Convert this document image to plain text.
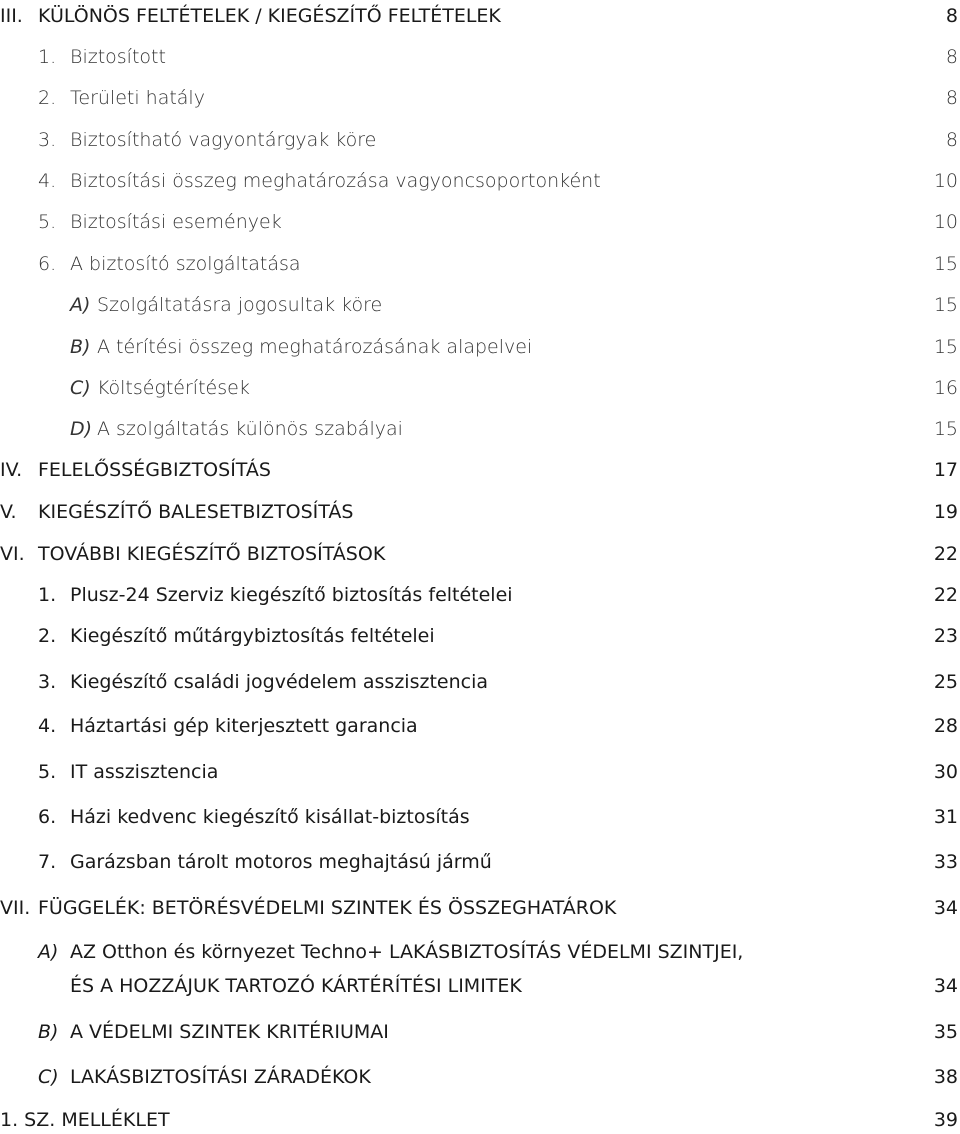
III. KÜLÖNÖS FELTÉTELEK / KIEGÉSZÍTŐ FELTÉTELEK	8
1. Biztosított	8
2. Területi hatály	8
3. Biztosítható vagyontárgyak köre	8
4. Biztosítási összeg meghatározása vagyoncsoportonként	10
5. Biztosítási események	10
6. A biztosító szolgáltatása	15
A) Szolgáltatásra jogosultak köre	15
B) A térítési összeg meghatározásának alapelvei	15
C) Költségtérítések	16
D) A szolgáltatás különös szabályai	15
IV. FELELŐSSÉGBIZTOSÍTÁS	17
V. KIEGÉSZÍTŐ BALESETBIZTOSÍTÁS	19
VI. TOVÁBBI KIEGÉSZÍTŐ BIZTOSÍTÁSOK	22
1. Plusz-24 Szerviz kiegészítő biztosítás feltételei	22
2. Kiegészítő műtárgybiztosítás feltételei	23
3. Kiegészítő családi jogvédelem asszisztencia	25
4. Háztartási gép kiterjesztett garancia	28
5. IT asszisztencia	30
6. Házi kedvenc kiegészítő kisállat-biztosítás	31
7. Garázsban tárolt motoros meghajtású jármű	33
VII. FÜGGELÉK: BETÖRÉSVÉDELMI SZINTEK ÉS ÖSSZEGHATÁROK	34
A) AZ Otthon és környezet Techno+ LAKÁSBIZTOSÍTÁS VÉDELMI SZINTJEI,
ÉS A HOZZÁJUK TARTOZÓ KÁRTÉRÍTÉSI LIMITEK	34
B) A VÉDELMI SZINTEK KRITÉRIUMAI	35
C) LAKÁSBIZTOSÍTÁSI ZÁRADÉKOK	38
1. SZ. MELLÉKLET	39
